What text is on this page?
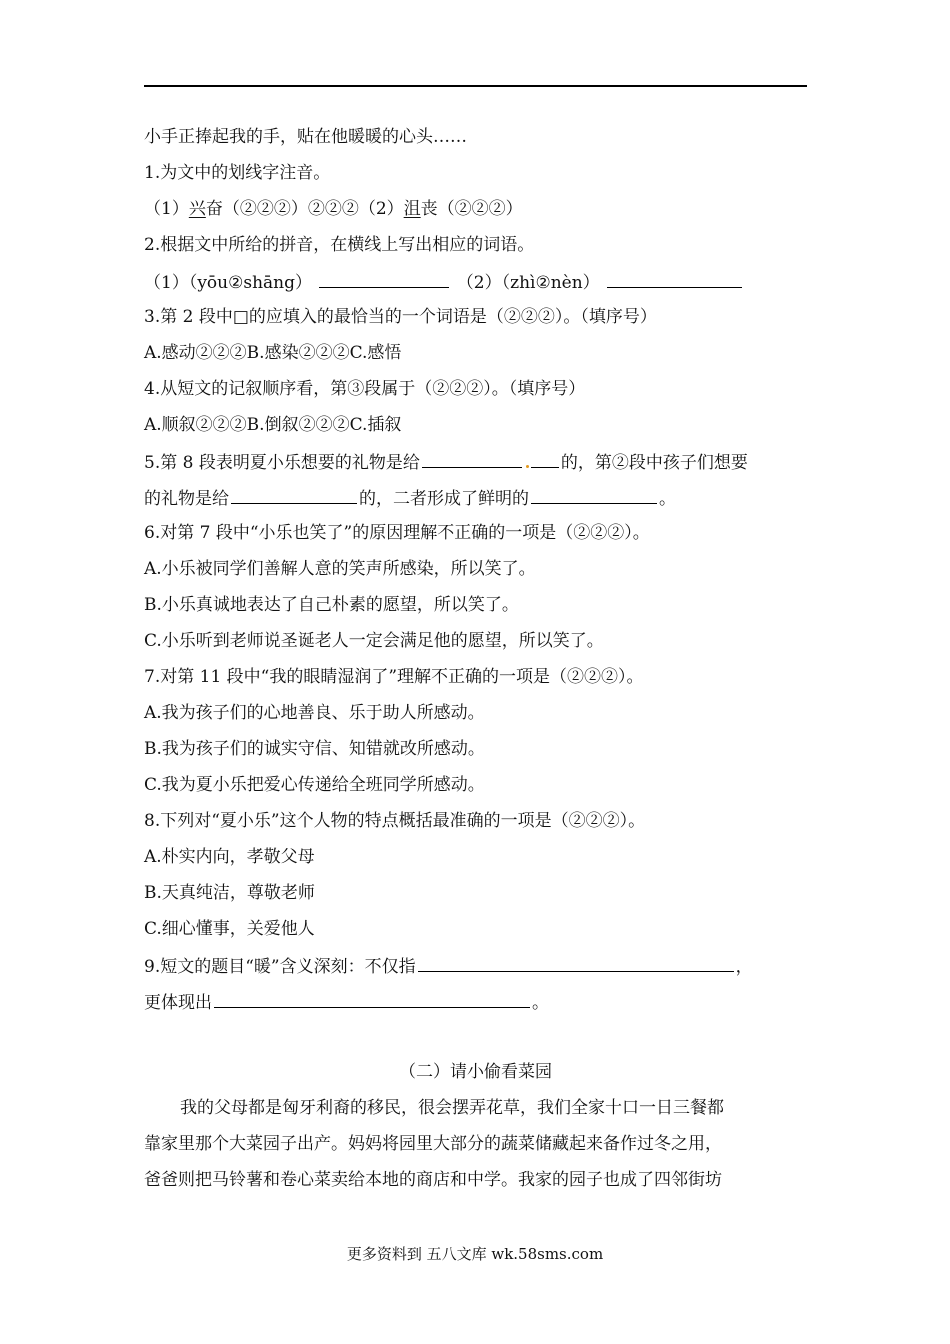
小手正捧起我的手，贴在他暖暖的心头……
1.为文中的划线字注音。
（1）兴奋（②②②）②②②（2）沮丧（②②②）
2.根据文中所给的拼音，在横线上写出相应的词语。
（1）（yōu②shāng）	（2）（zhì②nèn）
3.第 2 段中□的应填入的最恰当的一个词语是（②②②）。（填序号）
A.感动②②②B.感染②②②C.感悟
4.从短文的记叙顺序看，第③段属于（②②②）。（填序号）
A.顺叙②②②B.倒叙②②②C.插叙
5.第 8 段表明夏小乐想要的礼物是给	的，第②段中孩子们想要
的礼物是给	的，二者形成了鲜明的	。
6.对第 7 段中“小乐也笑了”的原因理解不正确的一项是（②②②）。
A.小乐被同学们善解人意的笑声所感染，所以笑了。
B.小乐真诚地表达了自己朴素的愿望，所以笑了。
C.小乐听到老师说圣诞老人一定会满足他的愿望，所以笑了。
7.对第 11 段中“我的眼睛湿润了”理解不正确的一项是（②②②）。
A.我为孩子们的心地善良、乐于助人所感动。
B.我为孩子们的诚实守信、知错就改所感动。
C.我为夏小乐把爱心传递给全班同学所感动。
8.下列对“夏小乐”这个人物的特点概括最准确的一项是（②②②）。
A.朴实内向，孝敬父母
B.天真纯洁，尊敬老师
C.细心懂事，关爱他人
9.短文的题目“暖”含义深刻：不仅指	，
更体现出	。
（二）请小偷看菜园
我的父母都是匈牙利裔的移民，很会摆弄花草，我们全家十口一日三餐都
靠家里那个大菜园子出产。妈妈将园里大部分的蔬菜储藏起来备作过冬之用，
爸爸则把马铃薯和卷心菜卖给本地的商店和中学。我家的园子也成了四邻街坊
更多资料到 五八文库 wk.58sms.com
